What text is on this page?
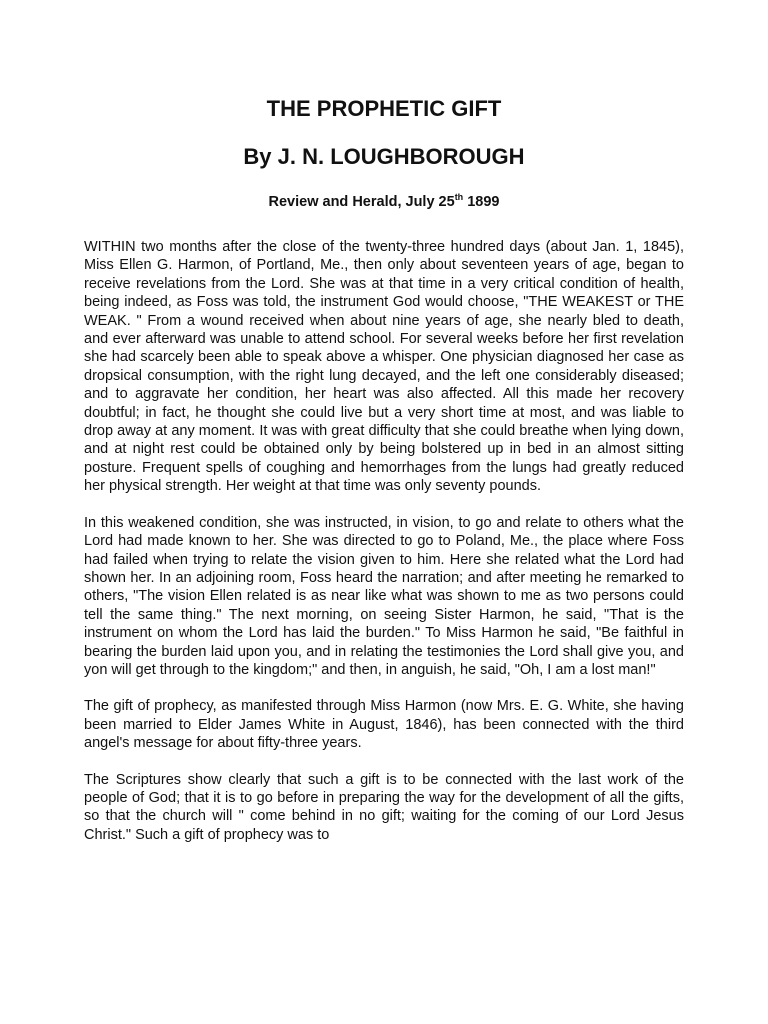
THE PROPHETIC GIFT
By J. N. LOUGHBOROUGH

Review and Herald, July 25th 1899

WITHIN two months after the close of the twenty-three hundred days (about Jan. 1, 1845), Miss Ellen G. Harmon, of Portland, Me., then only about seventeen years of age, began to receive revelations from the Lord. She was at that time in a very critical condition of health, being indeed, as Foss was told, the instrument God would choose, "THE WEAKEST or THE WEAK. " From a wound received when about nine years of age, she nearly bled to death, and ever afterward was unable to attend school. For several weeks before her first revelation she had scarcely been able to speak above a whisper. One physician diagnosed her case as dropsical consumption, with the right lung decayed, and the left one considerably diseased; and to aggravate her condition, her heart was also affected. All this made her recovery doubtful; in fact, he thought she could live but a very short time at most, and was liable to drop away at any moment. It was with great difficulty that she could breathe when lying down, and at night rest could be obtained only by being bolstered up in bed in an almost sitting posture. Frequent spells of coughing and hemorrhages from the lungs had greatly reduced her physical strength. Her weight at that time was only seventy pounds.

In this weakened condition, she was instructed, in vision, to go and relate to others what the Lord had made known to her. She was directed to go to Poland, Me., the place where Foss had failed when trying to relate the vision given to him. Here she related what the Lord had shown her. In an adjoining room, Foss heard the narration; and after meeting he remarked to others, "The vision Ellen related is as near like what was shown to me as two persons could tell the same thing." The next morning, on seeing Sister Harmon, he said, "That is the instrument on whom the Lord has laid the burden." To Miss Harmon he said, "Be faithful in bearing the burden laid upon you, and in relating the testimonies the Lord shall give you, and yon will get through to the kingdom;" and then, in anguish, he said, "Oh, I am a lost man!"

The gift of prophecy, as manifested through Miss Harmon (now Mrs. E. G. White, she having been married to Elder James White in August, 1846), has been connected with the third angel's message for about fifty-three years.

The Scriptures show clearly that such a gift is to be connected with the last work of the people of God; that it is to go before in preparing the way for the development of all the gifts, so that the church will " come behind in no gift; waiting for the coming of our Lord Jesus Christ." Such a gift of prophecy was to
